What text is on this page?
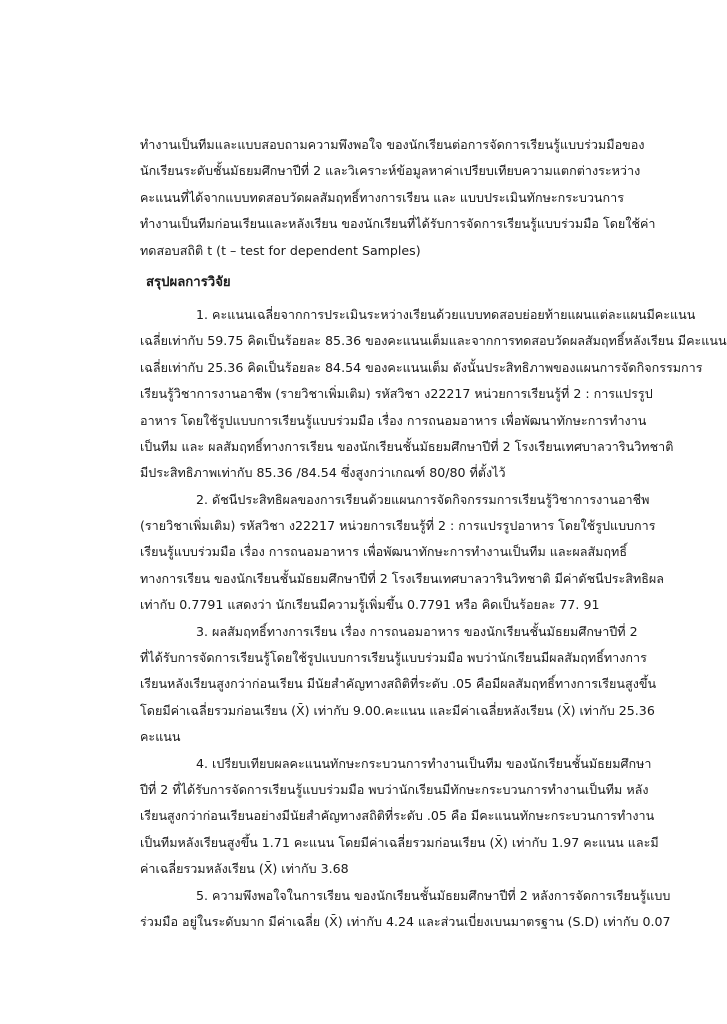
ทำงานเป็นทีมและแบบสอบถามความพึงพอใจ ของนักเรียนต่อการจัดการเรียนรู้แบบร่วมมือของ
นักเรียนระดับชั้นมัธยมศึกษาปีที่ 2 และวิเคราะห์ข้อมูลหาค่าเปรียบเทียบความแตกต่างระหว่าง
คะแนนที่ได้จากแบบทดสอบวัดผลสัมฤทธิ์ทางการเรียน และ แบบประเมินทักษะกระบวนการ
ทำงานเป็นทีมก่อนเรียนและหลังเรียน ของนักเรียนที่ได้รับการจัดการเรียนรู้แบบร่วมมือ โดยใช้ค่า
ทดสอบสถิติ t (t – test for dependent Samples)
สรุปผลการวิจัย
1. คะแนนเฉลี่ยจากการประเมินระหว่างเรียนด้วยแบบทดสอบย่อยท้ายแผนแต่ละแผนมีคะแนน
เฉลี่ยเท่ากับ 59.75 คิดเป็นร้อยละ 85.36 ของคะแนนเต็มและจากการทดสอบวัดผลสัมฤทธิ์หลังเรียน มีคะแนน
เฉลี่ยเท่ากับ 25.36 คิดเป็นร้อยละ 84.54 ของคะแนนเต็ม ดังนั้นประสิทธิภาพของแผนการจัดกิจกรรมการ
เรียนรู้วิชาการงานอาชีพ (รายวิชาเพิ่มเติม) รหัสวิชา ง22217 หน่วยการเรียนรู้ที่ 2 : การแปรรูป
อาหาร โดยใช้รูปแบบการเรียนรู้แบบร่วมมือ เรื่อง การถนอมอาหาร เพื่อพัฒนาทักษะการทำงาน
เป็นทีม และ ผลสัมฤทธิ์ทางการเรียน ของนักเรียนชั้นมัธยมศึกษาปีที่ 2 โรงเรียนเทศบาลวารินวิทชาติ
มีประสิทธิภาพเท่ากับ 85.36 /84.54 ซึ่งสูงกว่าเกณฑ์ 80/80 ที่ตั้งไว้
2. ดัชนีประสิทธิผลของการเรียนด้วยแผนการจัดกิจกรรมการเรียนรู้วิชาการงานอาชีพ
(รายวิชาเพิ่มเติม) รหัสวิชา ง22217 หน่วยการเรียนรู้ที่ 2 : การแปรรูปอาหาร โดยใช้รูปแบบการ
เรียนรู้แบบร่วมมือ เรื่อง การถนอมอาหาร เพื่อพัฒนาทักษะการทำงานเป็นทีม และผลสัมฤทธิ์
ทางการเรียน ของนักเรียนชั้นมัธยมศึกษาปีที่ 2 โรงเรียนเทศบาลวารินวิทชาติ มีค่าดัชนีประสิทธิผล
เท่ากับ 0.7791 แสดงว่า นักเรียนมีความรู้เพิ่มขึ้น 0.7791 หรือ คิดเป็นร้อยละ 77. 91
3. ผลสัมฤทธิ์ทางการเรียน เรื่อง การถนอมอาหาร ของนักเรียนชั้นมัธยมศึกษาปีที่ 2
ที่ได้รับการจัดการเรียนรู้โดยใช้รูปแบบการเรียนรู้แบบร่วมมือ พบว่านักเรียนมีผลสัมฤทธิ์ทางการ
เรียนหลังเรียนสูงกว่าก่อนเรียน มีนัยสำคัญทางสถิติที่ระดับ .05 คือมีผลสัมฤทธิ์ทางการเรียนสูงขึ้น
โดยมีค่าเฉลี่ยรวมก่อนเรียน (X̄) เท่ากับ 9.00.คะแนน และมีค่าเฉลี่ยหลังเรียน (X̄) เท่ากับ 25.36
คะแนน
4. เปรียบเทียบผลคะแนนทักษะกระบวนการทำงานเป็นทีม ของนักเรียนชั้นมัธยมศึกษา
ปีที่ 2 ที่ได้รับการจัดการเรียนรู้แบบร่วมมือ พบว่านักเรียนมีทักษะกระบวนการทำงานเป็นทีม หลัง
เรียนสูงกว่าก่อนเรียนอย่างมีนัยสำคัญทางสถิติที่ระดับ .05 คือ มีคะแนนทักษะกระบวนการทำงาน
เป็นทีมหลังเรียนสูงขึ้น 1.71 คะแนน โดยมีค่าเฉลี่ยรวมก่อนเรียน (X̄) เท่ากับ 1.97 คะแนน และมี
ค่าเฉลี่ยรวมหลังเรียน (X̄) เท่ากับ 3.68
5. ความพึงพอใจในการเรียน ของนักเรียนชั้นมัธยมศึกษาปีที่ 2 หลังการจัดการเรียนรู้แบบ
ร่วมมือ อยู่ในระดับมาก มีค่าเฉลี่ย (X̄) เท่ากับ 4.24 และส่วนเบี่ยงเบนมาตรฐาน (S.D) เท่ากับ 0.07
